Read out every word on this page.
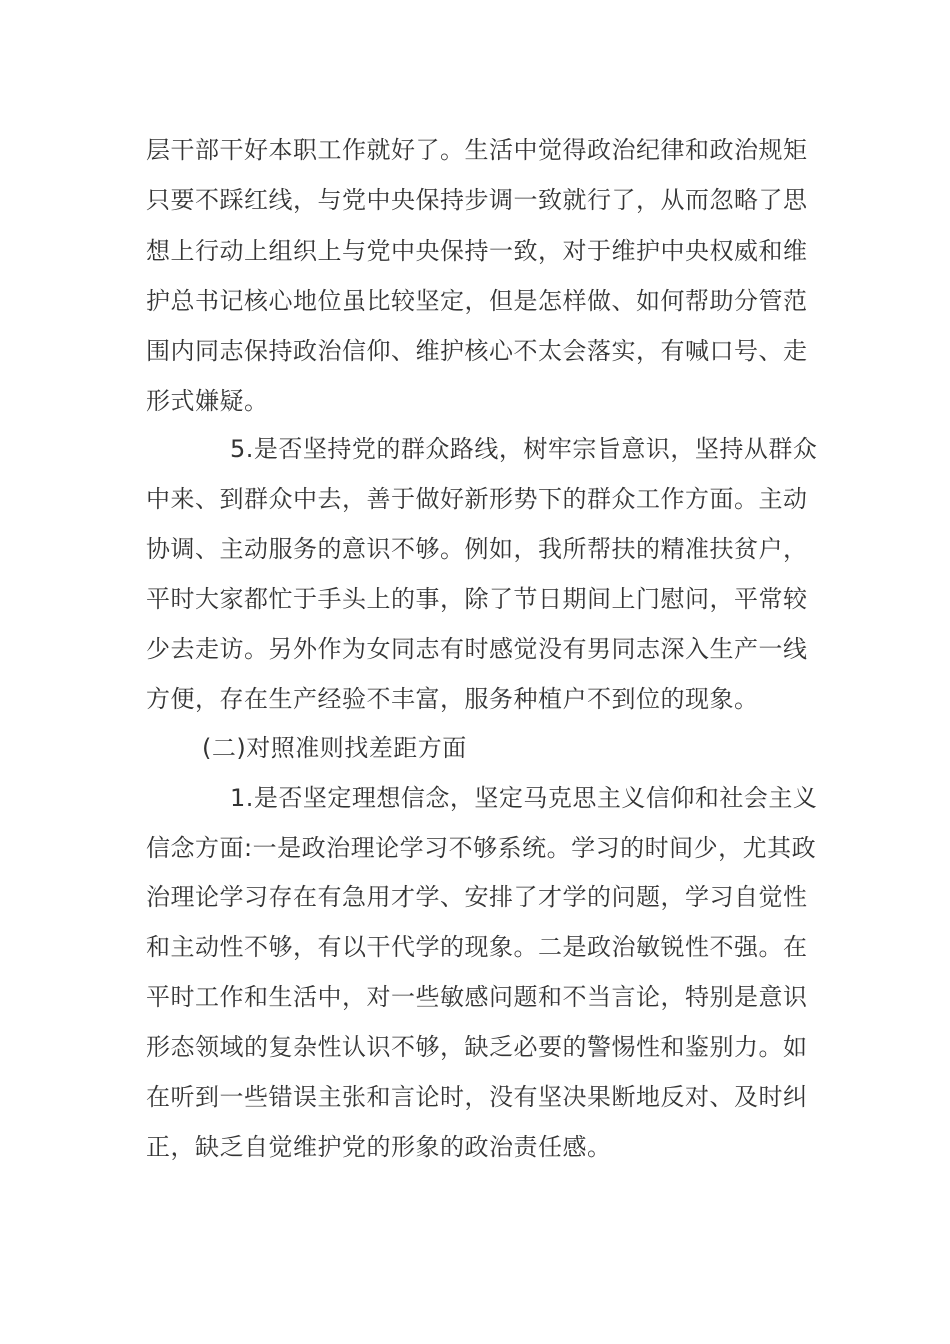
层干部干好本职工作就好了。生活中觉得政治纪律和政治规矩
只要不踩红线，与党中央保持步调一致就行了，从而忽略了思
想上行动上组织上与党中央保持一致，对于维护中央权威和维
护总书记核心地位虽比较坚定，但是怎样做、如何帮助分管范
围内同志保持政治信仰、维护核心不太会落实，有喊口号、走
形式嫌疑。
5.是否坚持党的群众路线，树牢宗旨意识，坚持从群众
中来、到群众中去，善于做好新形势下的群众工作方面。主动
协调、主动服务的意识不够。例如，我所帮扶的精准扶贫户，
平时大家都忙于手头上的事，除了节日期间上门慰问，平常较
少去走访。另外作为女同志有时感觉没有男同志深入生产一线
方便，存在生产经验不丰富，服务种植户不到位的现象。
(二)对照准则找差距方面
1.是否坚定理想信念，坚定马克思主义信仰和社会主义
信念方面:一是政治理论学习不够系统。学习的时间少，尤其政
治理论学习存在有急用才学、安排了才学的问题，学习自觉性
和主动性不够，有以干代学的现象。二是政治敏锐性不强。在
平时工作和生活中，对一些敏感问题和不当言论，特别是意识
形态领域的复杂性认识不够，缺乏必要的警惕性和鉴别力。如
在听到一些错误主张和言论时，没有坚决果断地反对、及时纠
正，缺乏自觉维护党的形象的政治责任感。
